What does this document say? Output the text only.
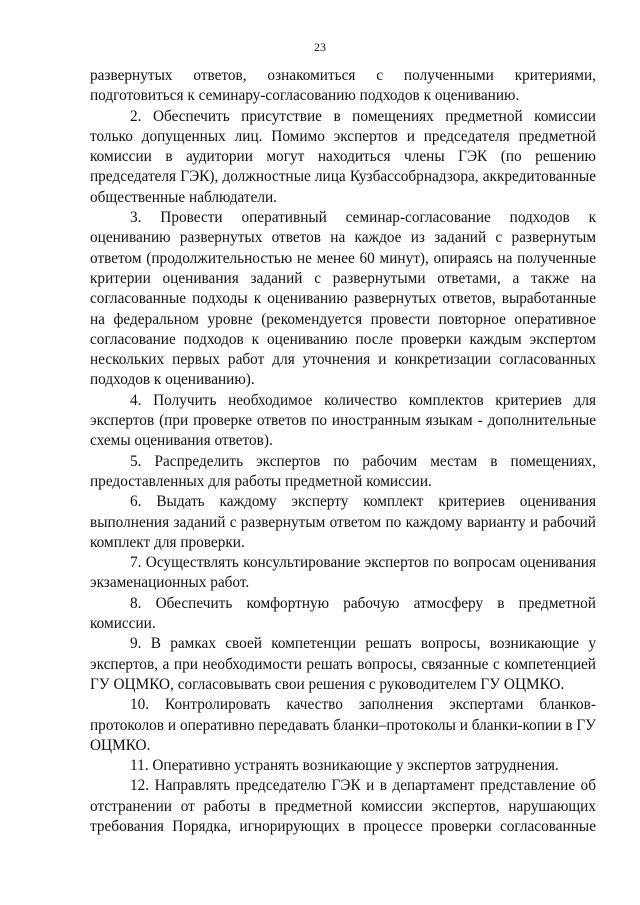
23

развернутых ответов, ознакомиться с полученными критериями, подготовиться к семинару-согласованию подходов к оцениванию.

2. Обеспечить присутствие в помещениях предметной комиссии только допущенных лиц. Помимо экспертов и председателя предметной комиссии в аудитории могут находиться члены ГЭК (по решению председателя ГЭК), должностные лица Кузбассобрнадзора, аккредитованные общественные наблюдатели.

3. Провести оперативный семинар-согласование подходов к оцениванию развернутых ответов на каждое из заданий с развернутым ответом (продолжительностью не менее 60 минут), опираясь на полученные критерии оценивания заданий с развернутыми ответами, а также на согласованные подходы к оцениванию развернутых ответов, выработанные на федеральном уровне (рекомендуется провести повторное оперативное согласование подходов к оцениванию после проверки каждым экспертом нескольких первых работ для уточнения и конкретизации согласованных подходов к оцениванию).

4. Получить необходимое количество комплектов критериев для экспертов (при проверке ответов по иностранным языкам - дополнительные схемы оценивания ответов).

5. Распределить экспертов по рабочим местам в помещениях, предоставленных для работы предметной комиссии.

6. Выдать каждому эксперту комплект критериев оценивания выполнения заданий с развернутым ответом по каждому варианту и рабочий комплект для проверки.

7. Осуществлять консультирование экспертов по вопросам оценивания экзаменационных работ.

8. Обеспечить комфортную рабочую атмосферу в предметной комиссии.

9. В рамках своей компетенции решать вопросы, возникающие у экспертов, а при необходимости решать вопросы, связанные с компетенцией ГУ ОЦМКО, согласовывать свои решения с руководителем ГУ ОЦМКО.

10. Контролировать качество заполнения экспертами бланков-протоколов и оперативно передавать бланки–протоколы и бланки-копии в ГУ ОЦМКО.

11. Оперативно устранять возникающие у экспертов затруднения.

12. Направлять председателю ГЭК и в департамент представление об отстранении от работы в предметной комиссии экспертов, нарушающих требования Порядка, игнорирующих в процессе проверки согласованные
